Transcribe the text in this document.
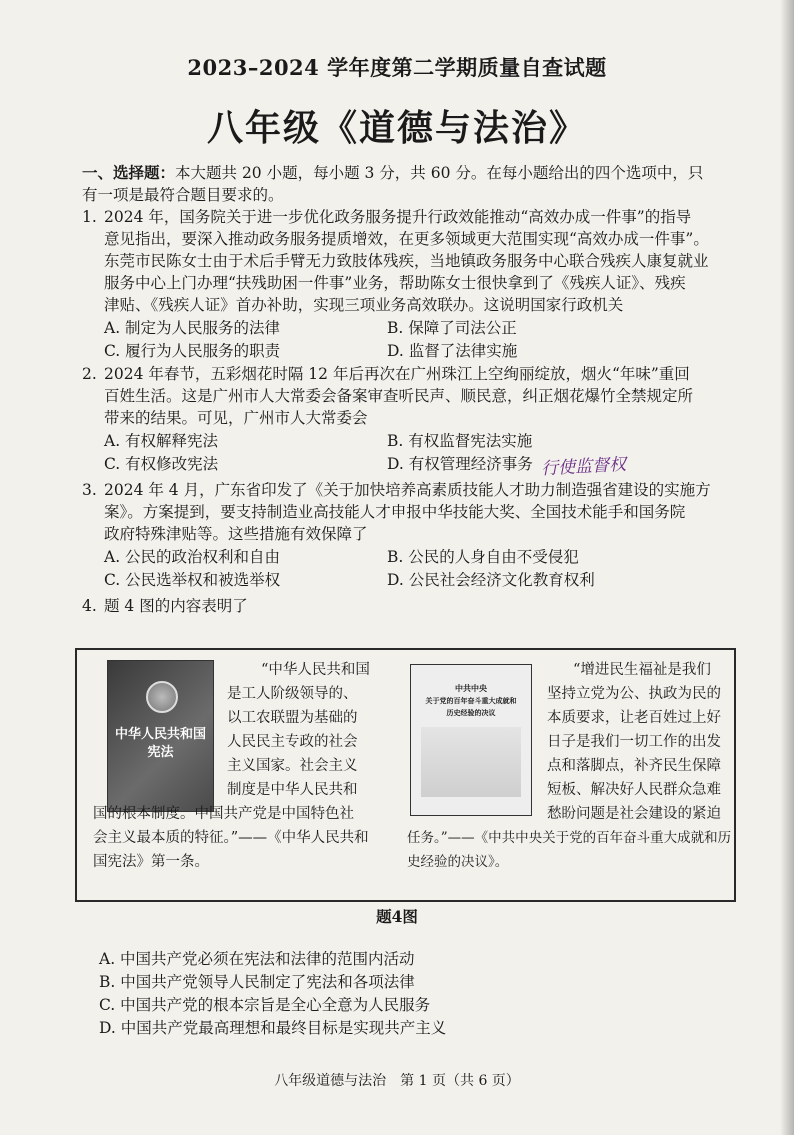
2023–2024 学年度第二学期质量自查试题
八年级《道德与法治》
一、选择题：本大题共 20 小题，每小题 3 分，共 60 分。在每小题给出的四个选项中，只
有一项是最符合题目要求的。
1. 2024 年，国务院关于进一步优化政务服务提升行政效能推动“高效办成一件事”的指导
意见指出，要深入推动政务服务提质增效，在更多领域更大范围实现“高效办成一件事”。
东莞市民陈女士由于术后手臂无力致肢体残疾，当地镇政务服务中心联合残疾人康复就业
服务中心上门办理“扶残助困一件事”业务，帮助陈女士很快拿到了《残疾人证》、残疾
津贴、《残疾人证》首办补助，实现三项业务高效联办。这说明国家行政机关
A. 制定为人民服务的法律	B. 保障了司法公正
C. 履行为人民服务的职责	D. 监督了法律实施
2. 2024 年春节，五彩烟花时隔 12 年后再次在广州珠江上空绚丽绽放，烟火“年味”重回
百姓生活。这是广州市人大常委会备案审查听民声、顺民意，纠正烟花爆竹全禁规定所
带来的结果。可见，广州市人大常委会
A. 有权解释宪法	B. 有权监督宪法实施
C. 有权修改宪法	D. 有权管理经济事务 行使监督权
3. 2024 年 4 月，广东省印发了《关于加快培养高素质技能人才助力制造强省建设的实施方
案》。方案提到，要支持制造业高技能人才申报中华技能大奖、全国技术能手和国务院
政府特殊津贴等。这些措施有效保障了
A. 公民的政治权利和自由	B. 公民的人身自由不受侵犯
C. 公民选举权和被选举权	D. 公民社会经济文化教育权利
4. 题 4 图的内容表明了
中华人民共和国
宪法
“中华人民共和国
是工人阶级领导的、
以工农联盟为基础的
人民民主专政的社会
主义国家。社会主义
制度是中华人民共和
国的根本制度。中国共产党是中国特色社
会主义最本质的特征。”——《中华人民共和
国宪法》第一条。
中共中央
关于党的百年奋斗重大成就和
历史经验的决议
“增进民生福祉是我们
坚持立党为公、执政为民的
本质要求，让老百姓过上好
日子是我们一切工作的出发
点和落脚点，补齐民生保障
短板、解决好人民群众急难
愁盼问题是社会建设的紧迫
任务。”——《中共中央关于党的百年奋斗重大成就和历
史经验的决议》。
题4图
A. 中国共产党必须在宪法和法律的范围内活动
B. 中国共产党领导人民制定了宪法和各项法律
C. 中国共产党的根本宗旨是全心全意为人民服务
D. 中国共产党最高理想和最终目标是实现共产主义
八年级道德与法治　第 1 页（共 6 页）
